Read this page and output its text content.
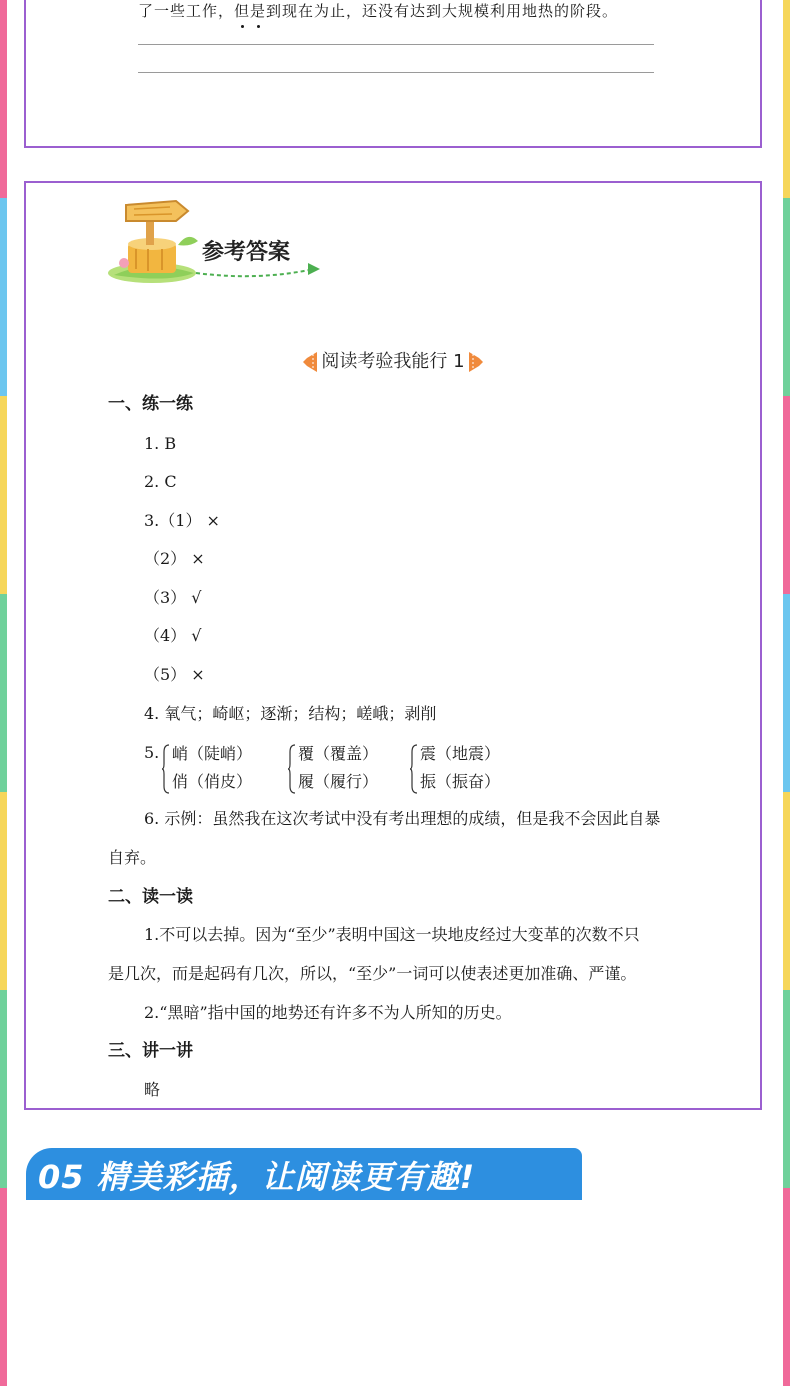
了一些工作，但是到现在为止，还没有达到大规模利用地热的阶段。
参考答案
阅读考验我能行 1
一、练一练
1. B
2. C
3.（1） ×
（2） ×
（3） √
（4） √
（5） ×
4. 氧气；崎岖；逐渐；结构；嵯峨；剥削
5. 峭（陡峭）
俏（俏皮）
覆（覆盖）
履（履行）
震（地震）
振（振奋）
6. 示例：虽然我在这次考试中没有考出理想的成绩，但是我不会因此自暴
自弃。
二、读一读
1.不可以去掉。因为“至少”表明中国这一块地皮经过大变革的次数不只
是几次，而是起码有几次，所以，“至少”一词可以使表述更加准确、严谨。
2.“黑暗”指中国的地势还有许多不为人所知的历史。
三、讲一讲
略
05 精美彩插，让阅读更有趣!
